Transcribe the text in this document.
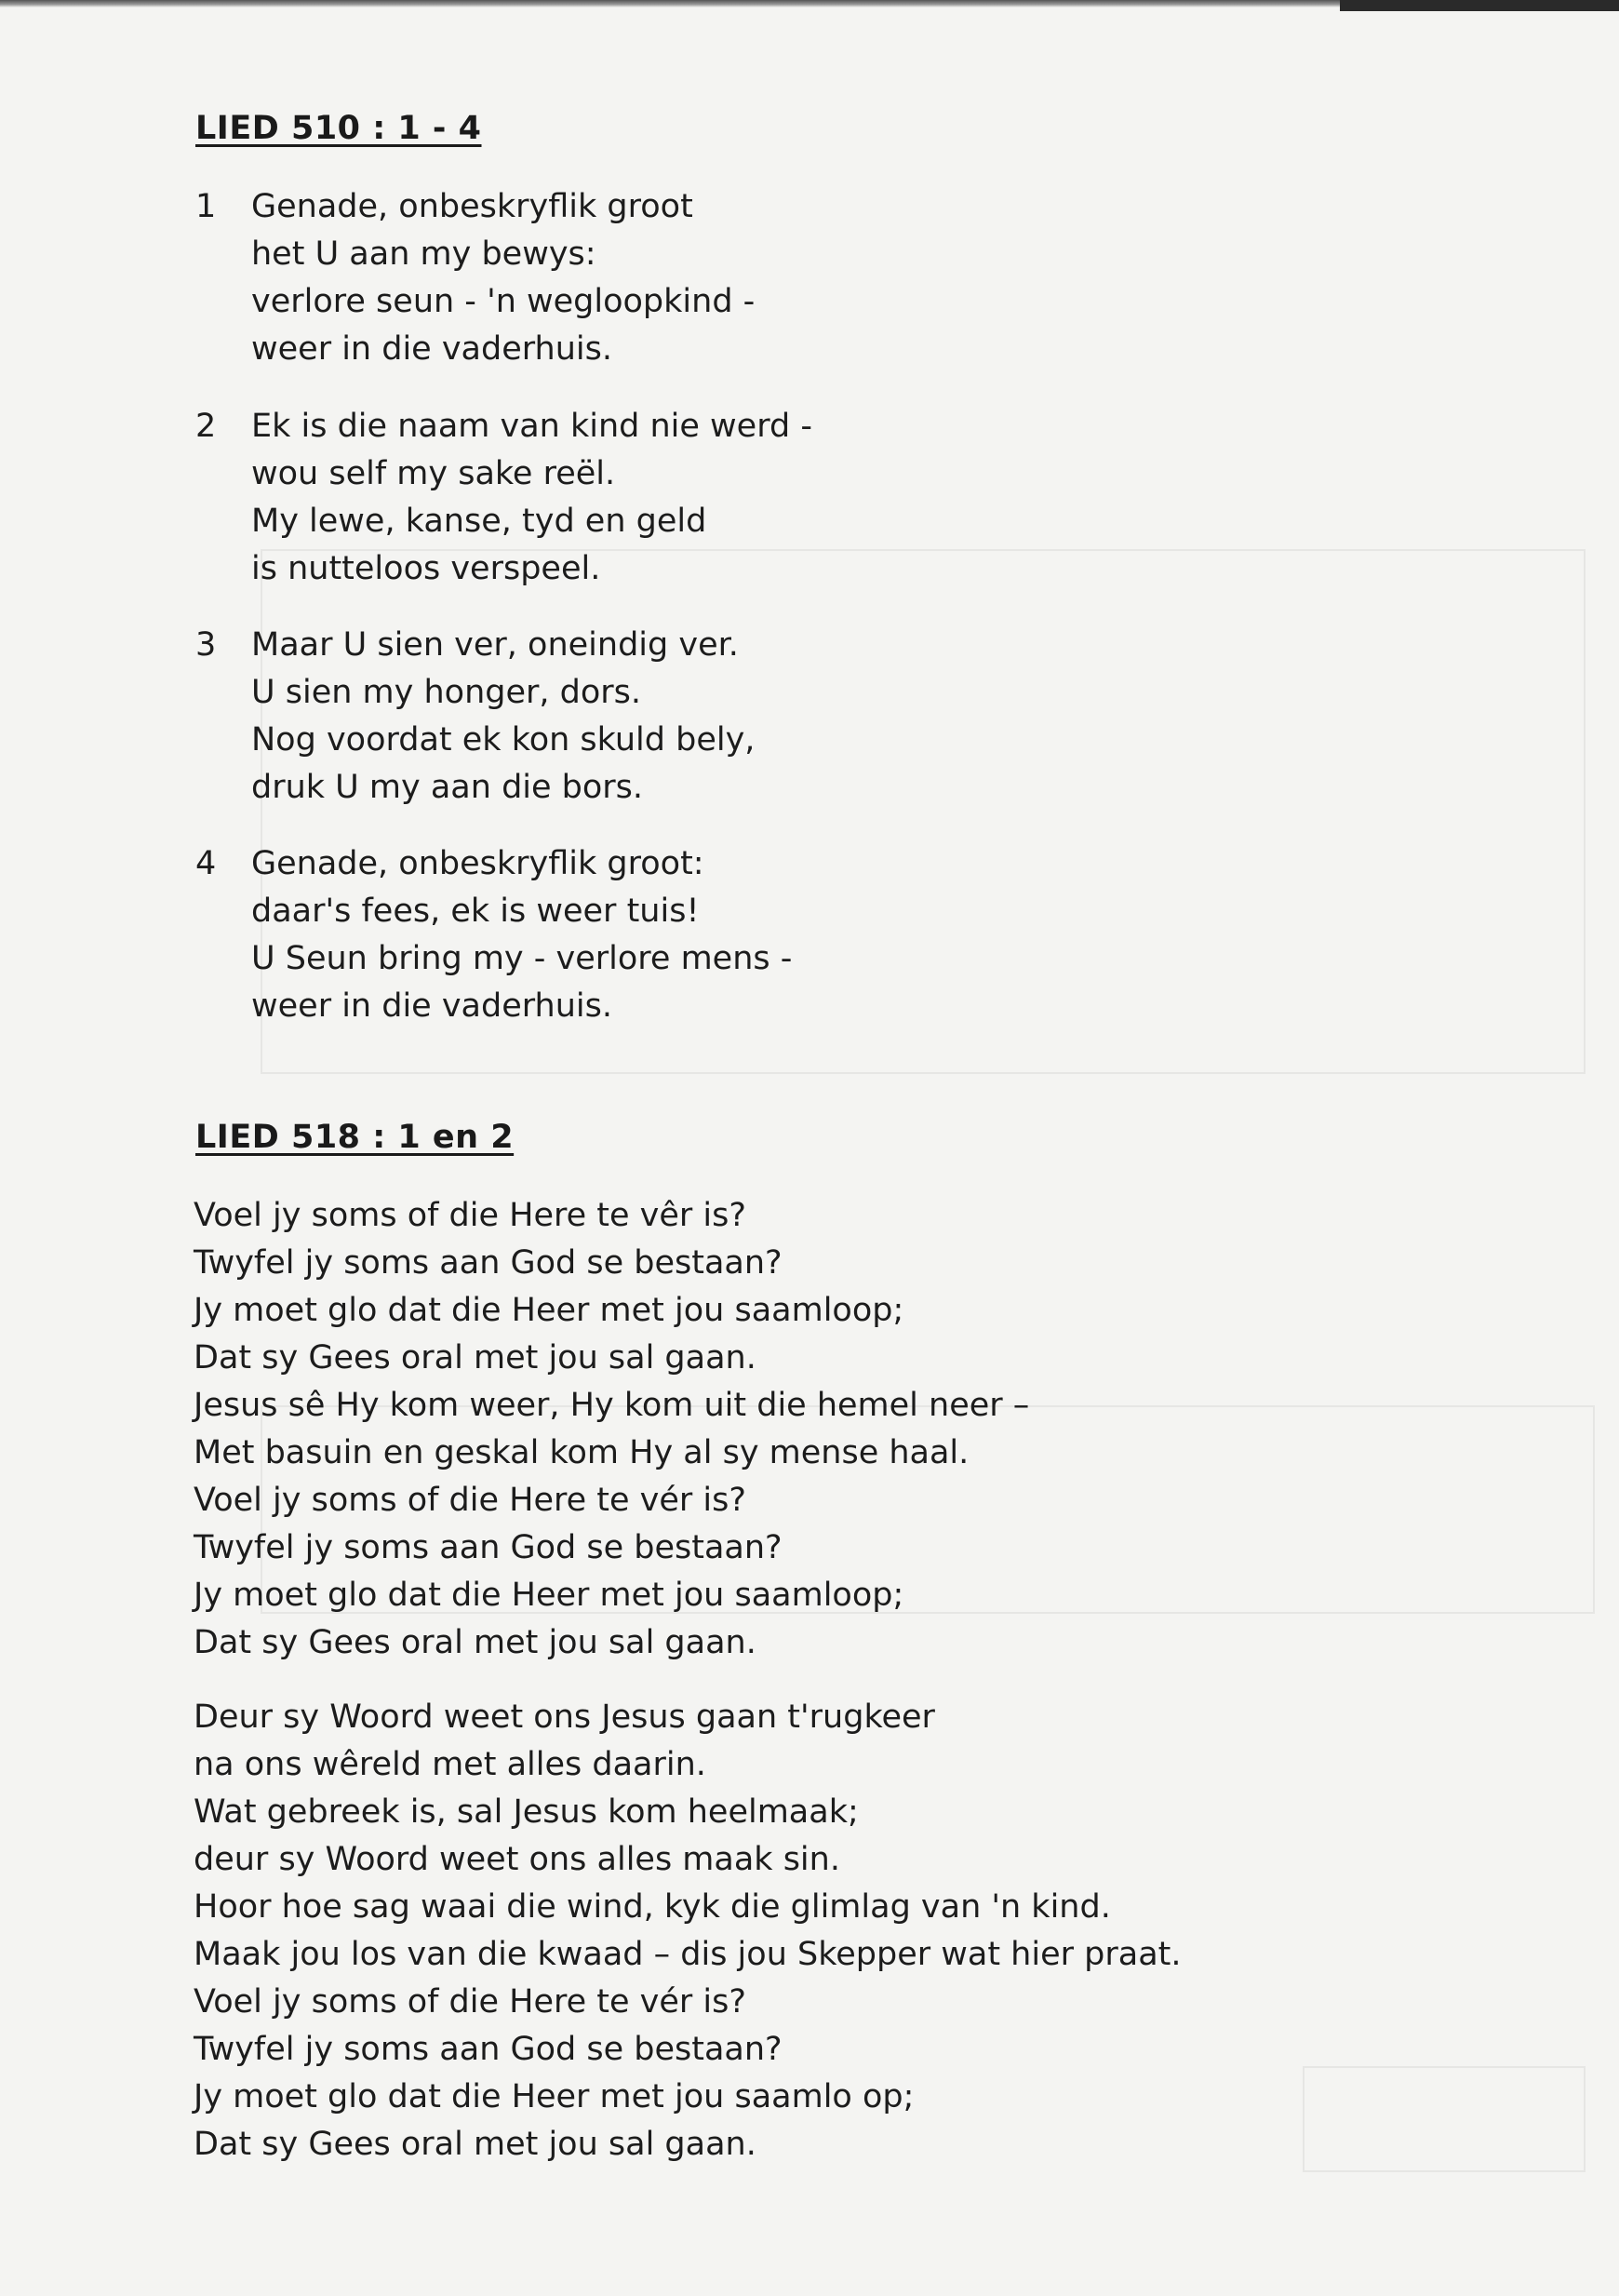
LIED 510 : 1 - 4
1 Genade, onbeskryflik groot
het U aan my bewys:
verlore seun - 'n wegloopkind -
weer in die vaderhuis.
2 Ek is die naam van kind nie werd -
wou self my sake reël.
My lewe, kanse, tyd en geld
is nutteloos verspeel.
3 Maar U sien ver, oneindig ver.
U sien my honger, dors.
Nog voordat ek kon skuld bely,
druk U my aan die bors.
4 Genade, onbeskryflik groot:
daar's fees, ek is weer tuis!
U Seun bring my - verlore mens -
weer in die vaderhuis.
LIED 518 : 1 en 2
Voel jy soms of die Here te vêr is?
Twyfel jy soms aan God se bestaan?
Jy moet glo dat die Heer met jou saamloop;
Dat sy Gees oral met jou sal gaan.
Jesus sê Hy kom weer, Hy kom uit die hemel neer –
Met basuin en geskal kom Hy al sy mense haal.
Voel jy soms of die Here te vér is?
Twyfel jy soms aan God se bestaan?
Jy moet glo dat die Heer met jou saamloop;
Dat sy Gees oral met jou sal gaan.
Deur sy Woord weet ons Jesus gaan t'rugkeer
na ons wêreld met alles daarin.
Wat gebreek is, sal Jesus kom heelmaak;
deur sy Woord weet ons alles maak sin.
Hoor hoe sag waai die wind, kyk die glimlag van 'n kind.
Maak jou los van die kwaad – dis jou Skepper wat hier praat.
Voel jy soms of die Here te vér is?
Twyfel jy soms aan God se bestaan?
Jy moet glo dat die Heer met jou saamlo op;
Dat sy Gees oral met jou sal gaan.
